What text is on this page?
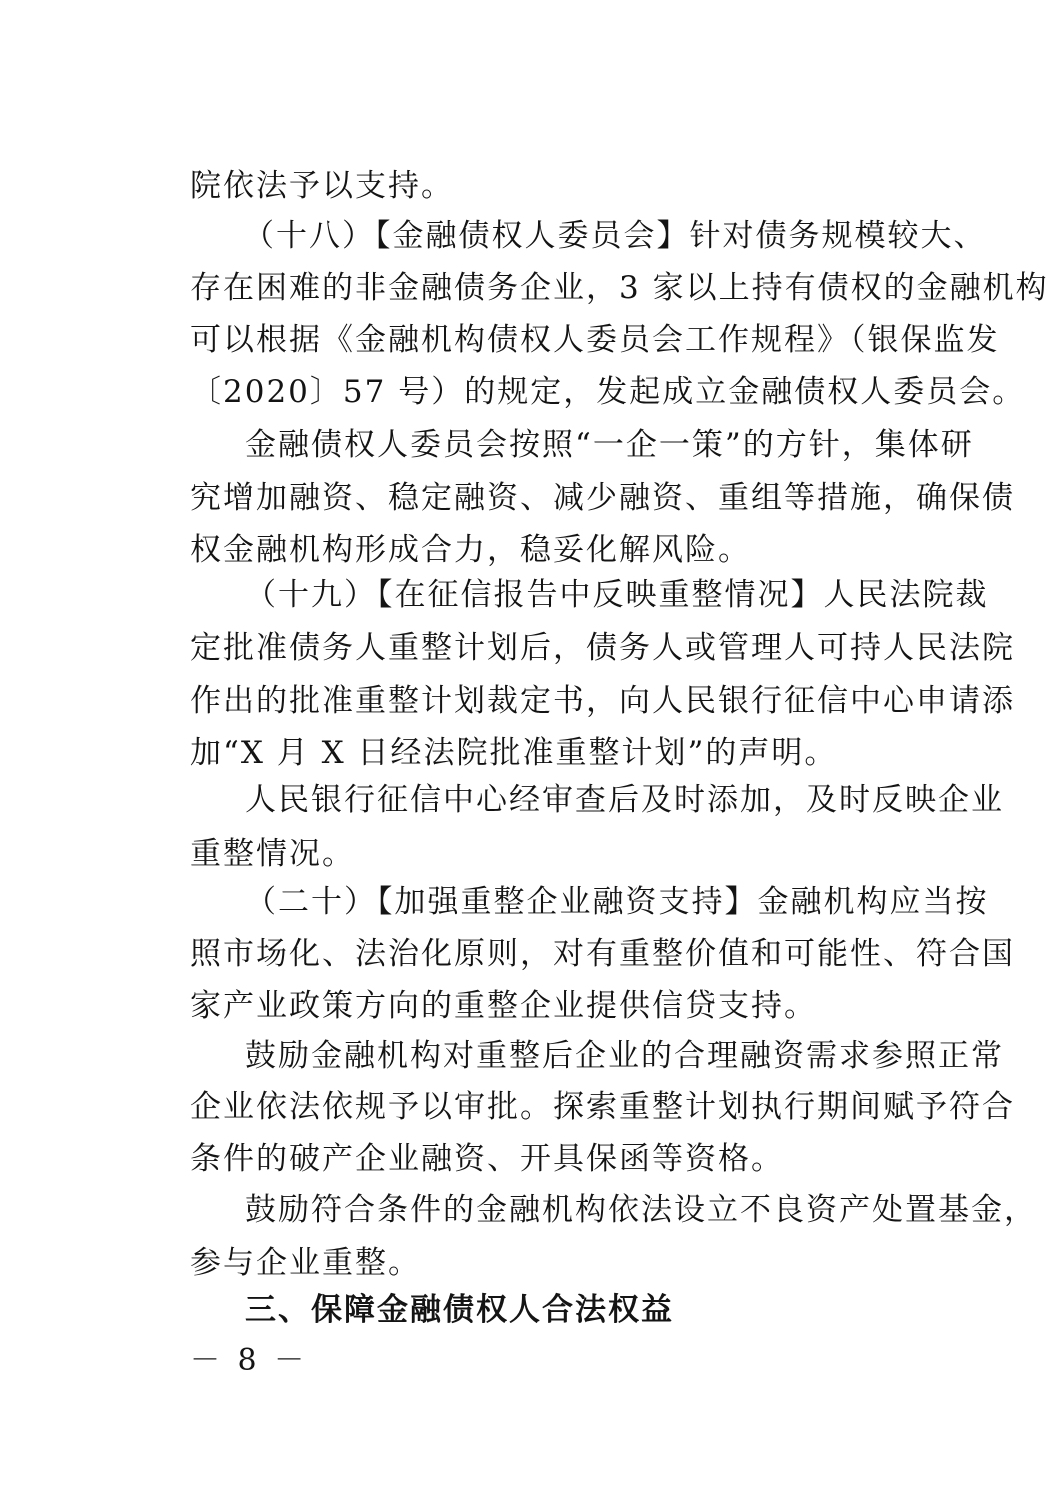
院依法予以支持。
（十八）【金融债权人委员会】针对债务规模较大、
存在困难的非金融债务企业，3 家以上持有债权的金融机构
可以根据《金融机构债权人委员会工作规程》（银保监发
〔2020〕57 号）的规定，发起成立金融债权人委员会。
金融债权人委员会按照“一企一策”的方针，集体研
究增加融资、稳定融资、减少融资、重组等措施，确保债
权金融机构形成合力，稳妥化解风险。
（十九）【在征信报告中反映重整情况】人民法院裁
定批准债务人重整计划后，债务人或管理人可持人民法院
作出的批准重整计划裁定书，向人民银行征信中心申请添
加“X 月 X 日经法院批准重整计划”的声明。
人民银行征信中心经审查后及时添加，及时反映企业
重整情况。
（二十）【加强重整企业融资支持】金融机构应当按
照市场化、法治化原则，对有重整价值和可能性、符合国
家产业政策方向的重整企业提供信贷支持。
鼓励金融机构对重整后企业的合理融资需求参照正常
企业依法依规予以审批。探索重整计划执行期间赋予符合
条件的破产企业融资、开具保函等资格。
鼓励符合条件的金融机构依法设立不良资产处置基金，
参与企业重整。
三、保障金融债权人合法权益
－ 8 －
